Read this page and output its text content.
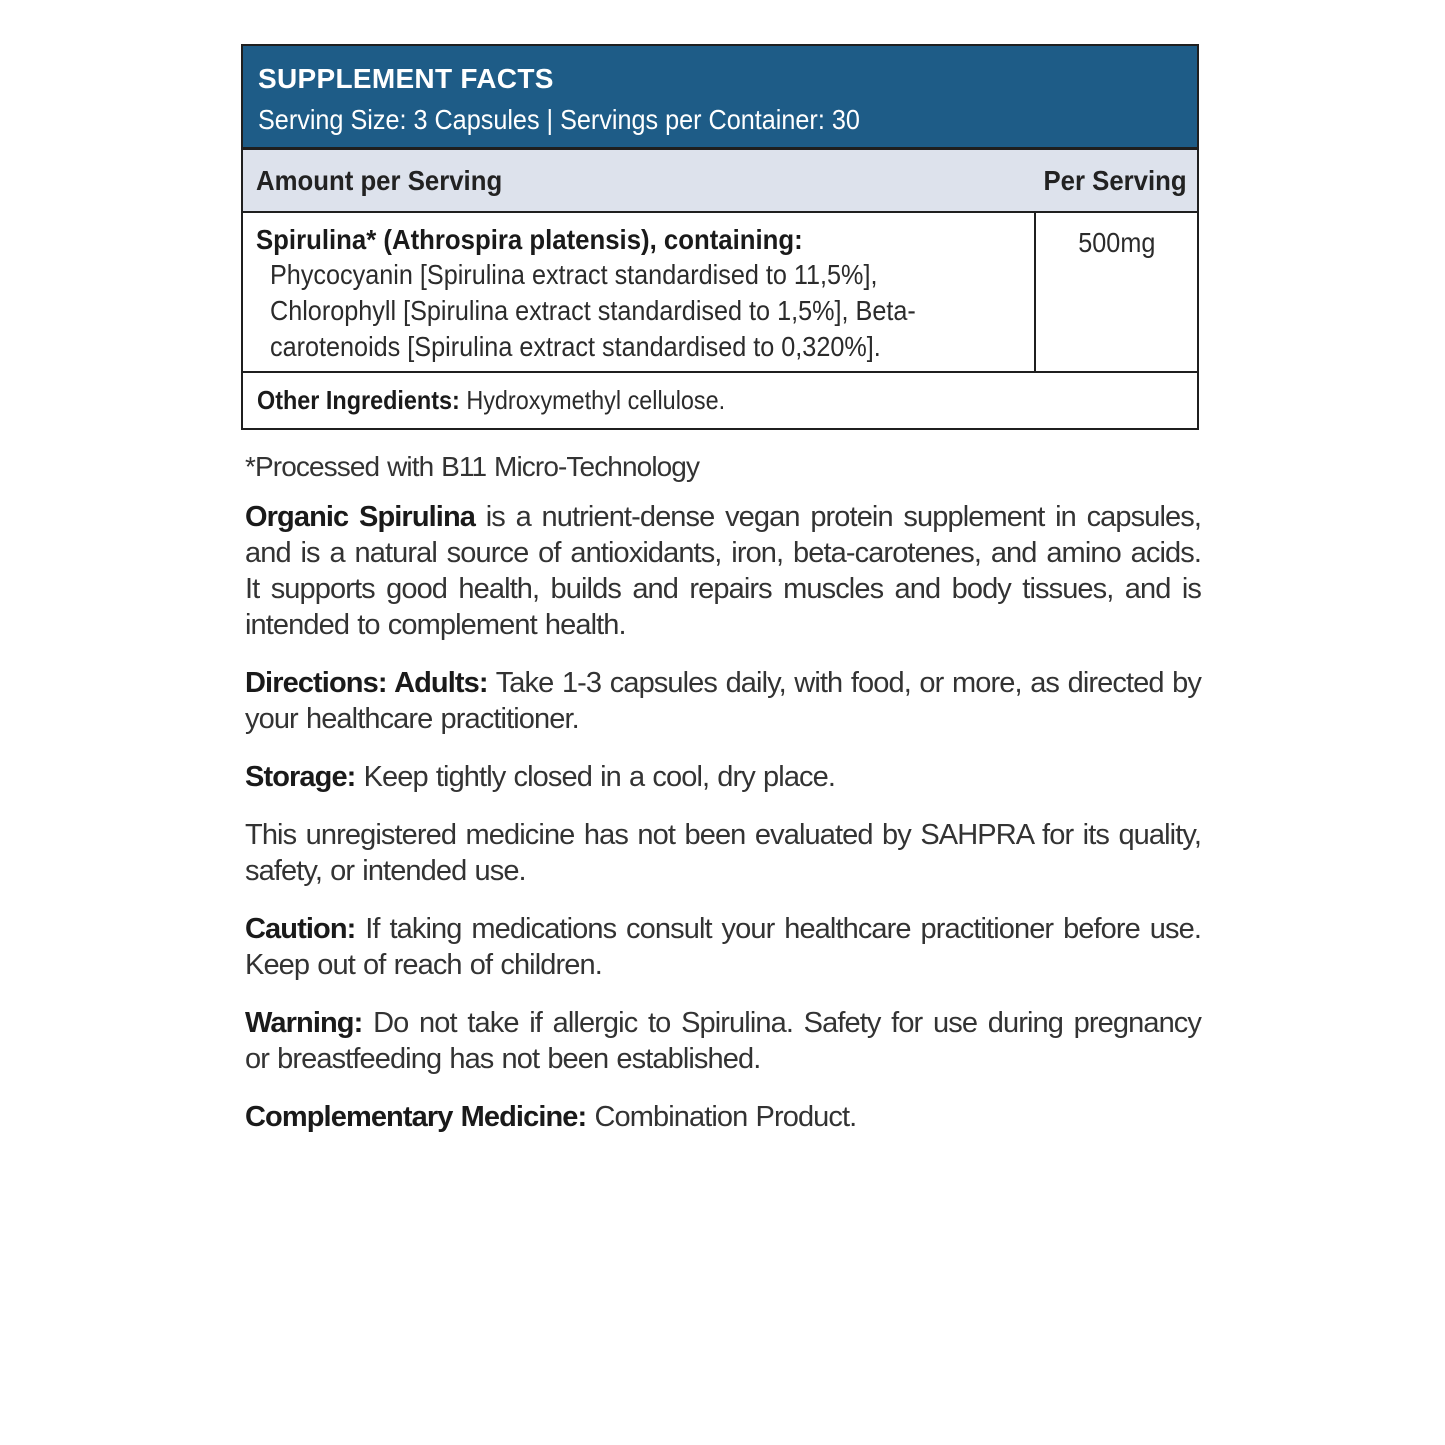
SUPPLEMENT FACTS
Serving Size: 3 Capsules | Servings per Container: 30
Amount per Serving	Per Serving
Spirulina* (Athrospira platensis), containing:
Phycocyanin [Spirulina extract standardised to 11,5%],
Chlorophyll [Spirulina extract standardised to 1,5%], Beta-
carotenoids [Spirulina extract standardised to 0,320%].
500mg
Other Ingredients: Hydroxymethyl cellulose.
*Processed with B11 Micro-Technology

Organic Spirulina is a nutrient-dense vegan protein supplement in capsules, and is a natural source of antioxidants, iron, beta-carotenes, and amino acids. It supports good health, builds and repairs muscles and body tissues, and is intended to complement health.

Directions: Adults: Take 1-3 capsules daily, with food, or more, as directed by your healthcare practitioner.

Storage: Keep tightly closed in a cool, dry place.

This unregistered medicine has not been evaluated by SAHPRA for its quality, safety, or intended use.

Caution: If taking medications consult your healthcare practitioner before use. Keep out of reach of children.

Warning: Do not take if allergic to Spirulina. Safety for use during pregnancy or breastfeeding has not been established.

Complementary Medicine: Combination Product.
